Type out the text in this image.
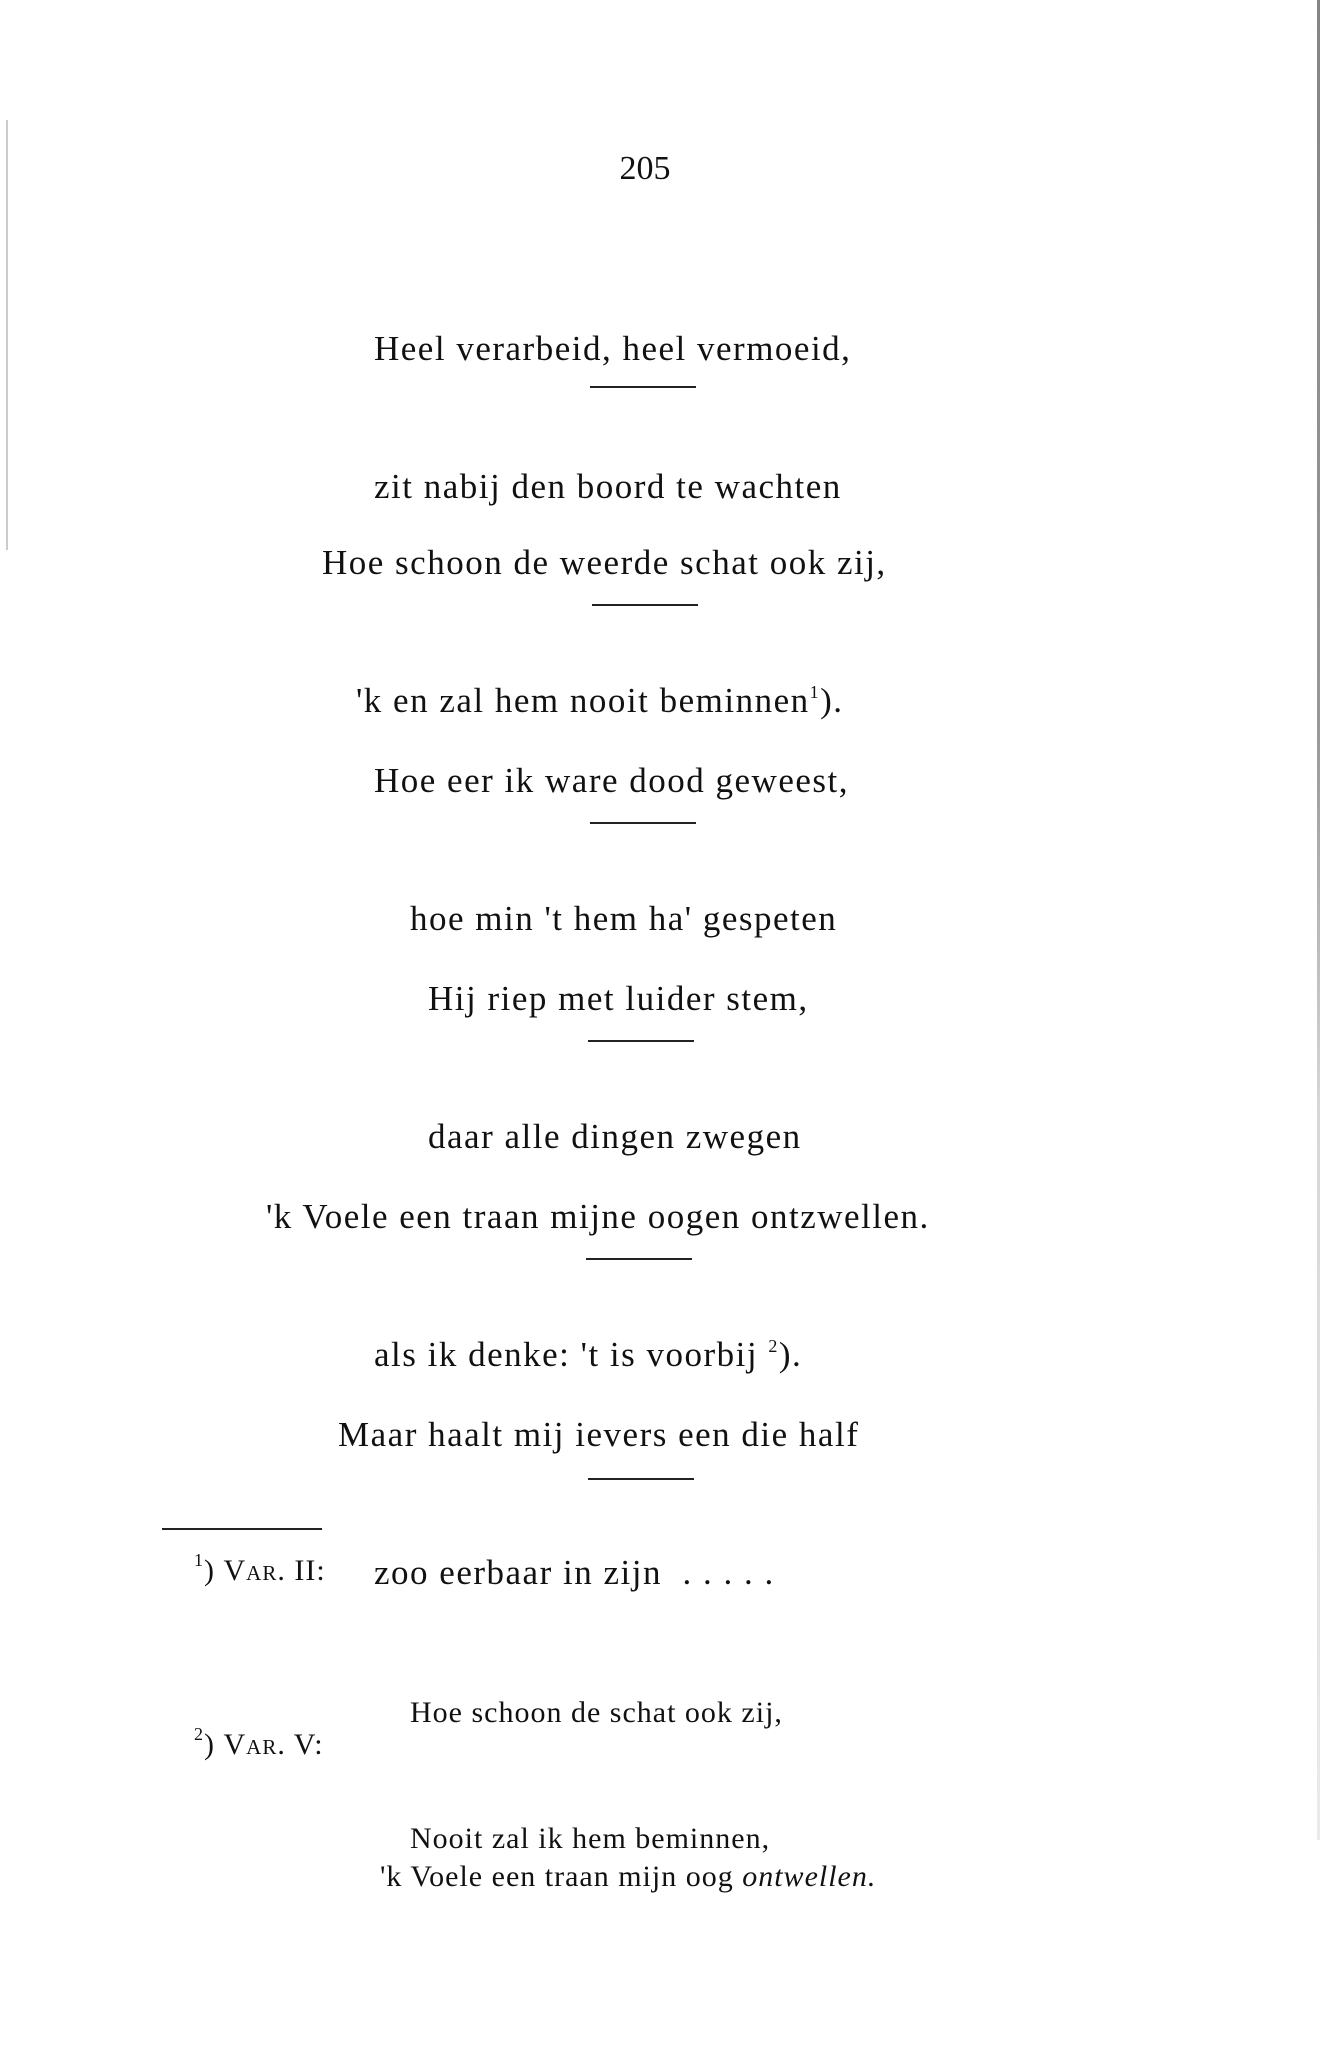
205

Heel verarbeid, heel vermoeid,

zit nabij den boord te wachten

Hoe schoon de weerde schat ook zij,

'k en zal hem nooit beminnen$^1$).

Hoe eer ik ware dood geweest,

hoe min 't hem ha' gespeten

Hij riep met luider stem,

daar alle dingen zwegen

'k Voele een traan mijne oogen ontzwellen.

als ik denke: 't is voorbij $^2$).

Maar haalt mij ievers een die half

zoo eerbaar in zijn  . . . . .

$^1$) Var. II:

Hoe schoon de schat ook zij,

Nooit zal ik hem beminnen,

$^2$) Var. V:

'k Voele een traan mijn oog ontwellen.
